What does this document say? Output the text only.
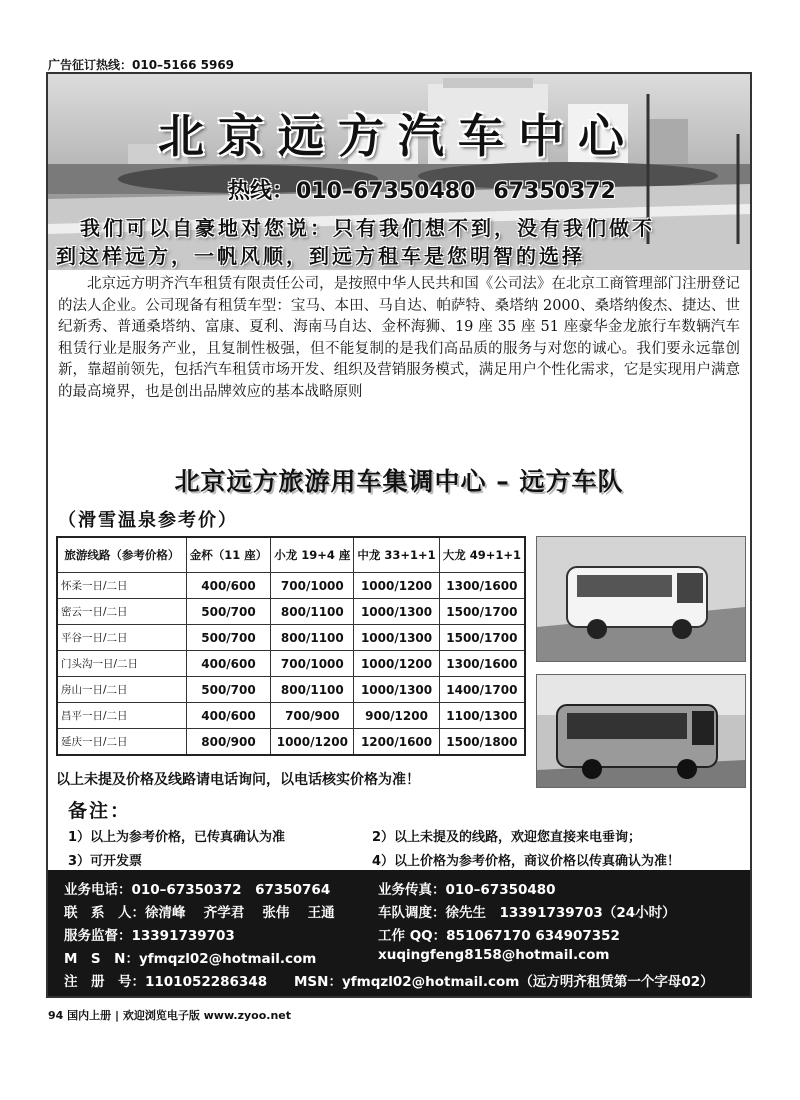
广告征订热线：010–5166 5969
北京远方汽车中心
热线：010–67350480 67350372
我们可以自豪地对您说：只有我们想不到，没有我们做不
到这样远方，一帆风顺，到远方租车是您明智的选择
北京远方明齐汽车租赁有限责任公司，是按照中华人民共和国《公司法》在北京工商管理部门注册登记的法人企业。公司现备有租赁车型：宝马、本田、马自达、帕萨特、桑塔纳 2000、桑塔纳俊杰、捷达、世纪新秀、普通桑塔纳、富康、夏利、海南马自达、金杯海狮、19 座 35 座 51 座豪华金龙旅行车数辆汽车租赁行业是服务产业，且复制性极强，但不能复制的是我们高品质的服务与对您的诚心。我们要永远靠创新，靠超前领先，包括汽车租赁市场开发、组织及营销服务模式，满足用户个性化需求，它是实现用户满意的最高境界，也是创出品牌效应的基本战略原则
北京远方旅游用车集调中心 – 远方车队
（滑雪温泉参考价）
旅游线路（参考价格）	金杯（11 座）	小龙 19+4 座	中龙 33+1+1	大龙 49+1+1
怀柔一日/二日	400/600	700/1000	1000/1200	1300/1600
密云一日/二日	500/700	800/1100	1000/1300	1500/1700
平谷一日/二日	500/700	800/1100	1000/1300	1500/1700
门头沟一日/二日	400/600	700/1000	1000/1200	1300/1600
房山一日/二日	500/700	800/1100	1000/1300	1400/1700
昌平一日/二日	400/600	700/900	900/1200	1100/1300
延庆一日/二日	800/900	1000/1200	1200/1600	1500/1800
以上未提及价格及线路请电话询问，以电话核实价格为准！
备注：
1）以上为参考价格，已传真确认为准	2）以上未提及的线路，欢迎您直接来电垂询；
3）可开发票	4）以上价格为参考价格，商议价格以传真确认为准！
业务电话：010–67350372　67350764	业务传真：010–67350480
联　系　人：徐清峰　 齐学君　 张伟　 王通	车队调度：徐先生　13391739703（24小时）
服务监督：13391739703	工作 QQ：851067170 634907352
M　S　N：yfmqzl02@hotmail.com	xuqingfeng8158@hotmail.com
注　册　号：1101052286348 MSN：yfmqzl02@hotmail.com（远方明齐租赁第一个字母02）
94 国内上册 | 欢迎浏览电子版 www.zyoo.net
